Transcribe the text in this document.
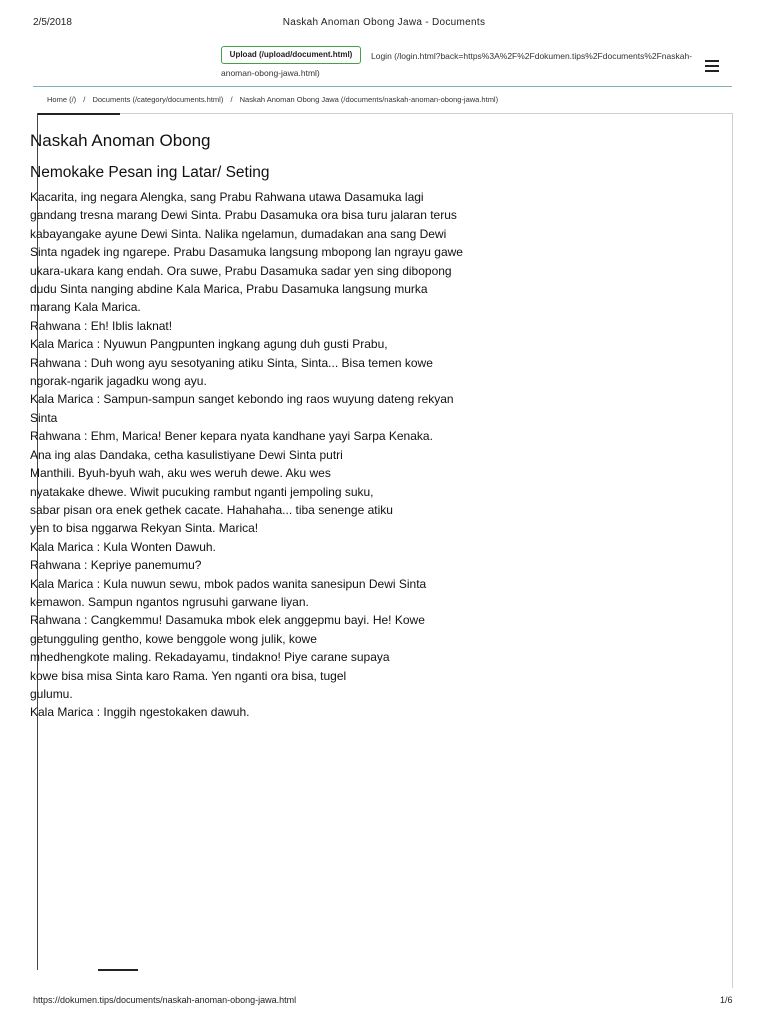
2/5/2018	Naskah Anoman Obong Jawa - Documents
Login (/login.html?back=https%3A%2F%2Fdokumen.tips%2Fdocuments%2Fnaskah-anoman-obong-jawa.html)
Upload (/upload/document.html)
Home (/) / Documents (/category/documents.html) / Naskah Anoman Obong Jawa (/documents/naskah-anoman-obong-jawa.html)
Naskah Anoman Obong
Nemokake Pesan ing Latar/ Seting
Kacarita, ing negara Alengka, sang Prabu Rahwana utawa Dasamuka lagi
gandang tresna marang Dewi Sinta. Prabu Dasamuka ora bisa turu jalaran terus
kabayangake ayune Dewi Sinta. Nalika ngelamun, dumadakan ana sang Dewi
Sinta ngadek ing ngarepe. Prabu Dasamuka langsung mbopong lan ngrayu gawe
ukara-ukara kang endah. Ora suwe, Prabu Dasamuka sadar yen sing dibopong
dudu Sinta nanging abdine Kala Marica, Prabu Dasamuka langsung murka
marang Kala Marica.
Rahwana : Eh! Iblis laknat!
Kala Marica : Nyuwun Pangpunten ingkang agung duh gusti Prabu,
Rahwana : Duh wong ayu sesotyaning atiku Sinta, Sinta... Bisa temen kowe
ngorak-ngarik jagadku wong ayu.
Kala Marica : Sampun-sampun sanget kebondo ing raos wuyung dateng rekyan
Sinta
Rahwana : Ehm, Marica! Bener kepara nyata kandhane yayi Sarpa Kenaka.
Ana ing alas Dandaka, cetha kasulistiyane Dewi Sinta putri
Manthili. Byuh-byuh wah, aku wes weruh dewe. Aku wes
nyatakake dhewe. Wiwit pucuking rambut nganti jempoling suku,
sabar pisan ora enek gethek cacate. Hahahaha... tiba senenge atiku
yen to bisa nggarwa Rekyan Sinta. Marica!
Kala Marica : Kula Wonten Dawuh.
Rahwana : Kepriye panemumu?
Kala Marica : Kula nuwun sewu, mbok pados wanita sanesipun Dewi Sinta
kemawon. Sampun ngantos ngrusuhi garwane liyan.
Rahwana : Cangkemmu! Dasamuka mbok elek anggepmu bayi. He! Kowe
getungguling gentho, kowe benggole wong julik, kowe
mhedhengkote maling. Rekadayamu, tindakno! Piye carane supaya
kowe bisa misa Sinta karo Rama. Yen nganti ora bisa, tugel
gulumu.
Kala Marica : Inggih ngestokaken dawuh.
https://dokumen.tips/documents/naskah-anoman-obong-jawa.html	1/6
